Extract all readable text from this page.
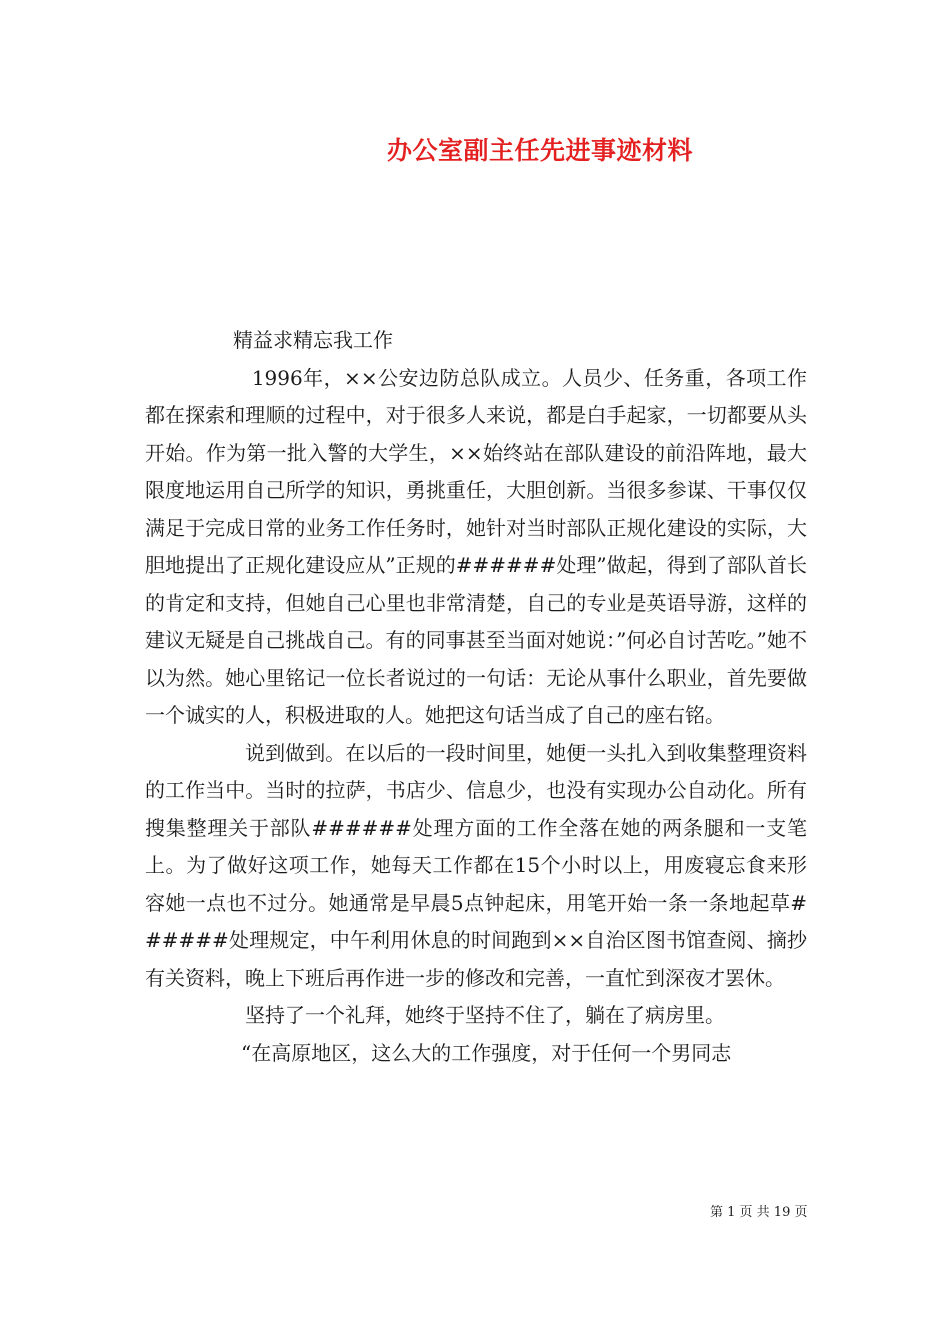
办公室副主任先进事迹材料

精益求精忘我工作

1996年，××公安边防总队成立。人员少、任务重，各项工作都在探索和理顺的过程中，对于很多人来说，都是白手起家，一切都要从头开始。作为第一批入警的大学生，××始终站在部队建设的前沿阵地，最大限度地运用自己所学的知识，勇挑重任，大胆创新。当很多参谋、干事仅仅满足于完成日常的业务工作任务时，她针对当时部队正规化建设的实际，大胆地提出了正规化建设应从”正规的######处理”做起，得到了部队首长的肯定和支持，但她自己心里也非常清楚，自己的专业是英语导游，这样的建议无疑是自己挑战自己。有的同事甚至当面对她说：”何必自讨苦吃。”她不以为然。她心里铭记一位长者说过的一句话：无论从事什么职业，首先要做一个诚实的人，积极进取的人。她把这句话当成了自己的座右铭。

说到做到。在以后的一段时间里，她便一头扎入到收集整理资料的工作当中。当时的拉萨，书店少、信息少，也没有实现办公自动化。所有搜集整理关于部队######处理方面的工作全落在她的两条腿和一支笔上。为了做好这项工作，她每天工作都在15个小时以上，用废寝忘食来形容她一点也不过分。她通常是早晨5点钟起床，用笔开始一条一条地起草######处理规定，中午利用休息的时间跑到××自治区图书馆查阅、摘抄有关资料，晚上下班后再作进一步的修改和完善，一直忙到深夜才罢休。

坚持了一个礼拜，她终于坚持不住了，躺在了病房里。

“在高原地区，这么大的工作强度，对于任何一个男同志

第 1 页 共 19 页
